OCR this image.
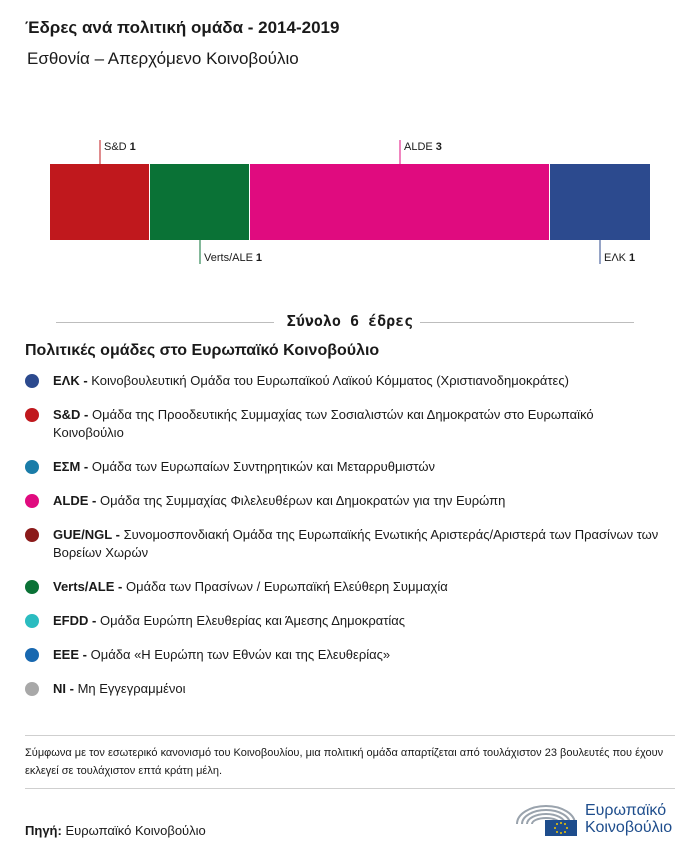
Έδρες ανά πολιτική ομάδα - 2014-2019
Εσθονία – Απερχόμενο Κοινοβούλιο
S&D 1
Verts/ALE 1
ALDE 3
ΕΛΚ 1
Σύνολο 6 έδρες
Πολιτικές ομάδες στο Ευρωπαϊκό Κοινοβούλιο
ΕΛΚ - Κοινοβουλευτική Ομάδα του Ευρωπαϊκού Λαϊκού Κόμματος (Χριστιανοδημοκράτες)
S&D - Ομάδα της Προοδευτικής Συμμαχίας των Σοσιαλιστών και Δημοκρατών στο Ευρωπαϊκό Κοινοβούλιο
ΕΣΜ - Ομάδα των Ευρωπαίων Συντηρητικών και Μεταρρυθμιστών
ALDE - Ομάδα της Συμμαχίας Φιλελευθέρων και Δημοκρατών για την Ευρώπη
GUE/NGL - Συνομοσπονδιακή Ομάδα της Ευρωπαϊκής Ενωτικής Αριστεράς/Αριστερά των Πρασίνων των Βορείων Χωρών
Verts/ALE - Ομάδα των Πρασίνων / Ευρωπαϊκή Ελεύθερη Συμμαχία
EFDD - Ομάδα Ευρώπη Ελευθερίας και Άμεσης Δημοκρατίας
ΕΕΕ - Ομάδα «Η Ευρώπη των Εθνών και της Ελευθερίας»
NI - Μη Εγγεγραμμένοι
Σύμφωνα με τον εσωτερικό κανονισμό του Κοινοβουλίου, μια πολιτική ομάδα απαρτίζεται από τουλάχιστον 23 βουλευτές που έχουν εκλεγεί σε τουλάχιστον επτά κράτη μέλη.
Πηγή: Ευρωπαϊκό Κοινοβούλιο
Ευρωπαϊκό
Κοινοβούλιο
